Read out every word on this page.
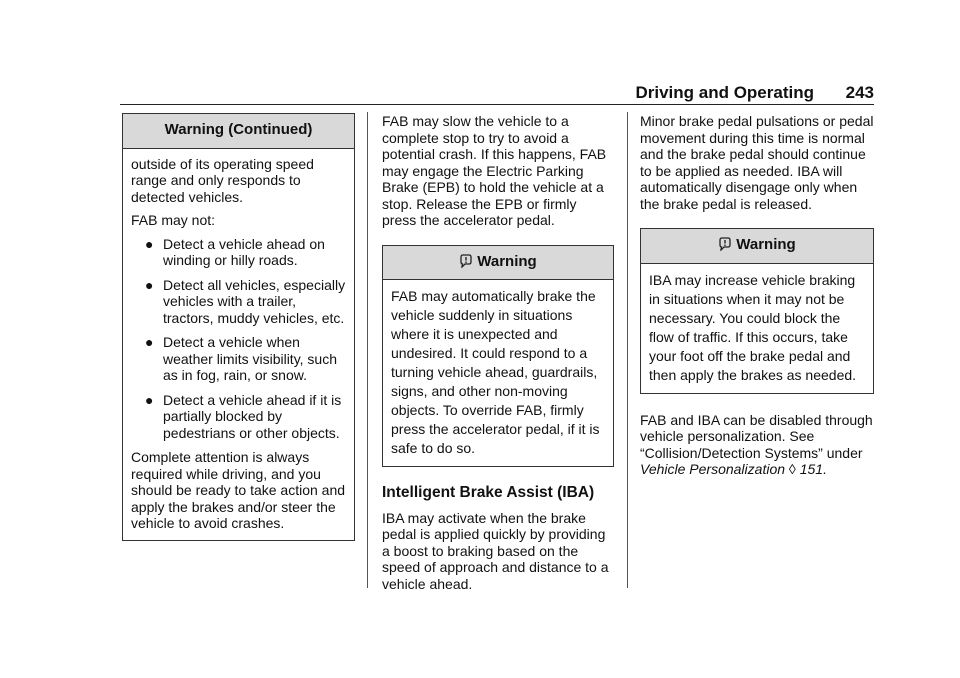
Driving and Operating 243
Warning (Continued)

outside of its operating speed range and only responds to detected vehicles.

FAB may not:

● Detect a vehicle ahead on winding or hilly roads.
● Detect all vehicles, especially vehicles with a trailer, tractors, muddy vehicles, etc.
● Detect a vehicle when weather limits visibility, such as in fog, rain, or snow.
● Detect a vehicle ahead if it is partially blocked by pedestrians or other objects.

Complete attention is always required while driving, and you should be ready to take action and apply the brakes and/or steer the vehicle to avoid crashes.

FAB may slow the vehicle to a complete stop to try to avoid a potential crash. If this happens, FAB may engage the Electric Parking Brake (EPB) to hold the vehicle at a stop. Release the EPB or firmly press the accelerator pedal.

Warning
FAB may automatically brake the vehicle suddenly in situations where it is unexpected and undesired. It could respond to a turning vehicle ahead, guardrails, signs, and other non-moving objects. To override FAB, firmly press the accelerator pedal, if it is safe to do so.
Intelligent Brake Assist (IBA)

IBA may activate when the brake pedal is applied quickly by providing a boost to braking based on the speed of approach and distance to a vehicle ahead.

Minor brake pedal pulsations or pedal movement during this time is normal and the brake pedal should continue to be applied as needed. IBA will automatically disengage only when the brake pedal is released.

Warning
IBA may increase vehicle braking in situations when it may not be necessary. You could block the flow of traffic. If this occurs, take your foot off the brake pedal and then apply the brakes as needed.

FAB and IBA can be disabled through vehicle personalization. See “Collision/Detection Systems” under Vehicle Personalization ◊ 151.
